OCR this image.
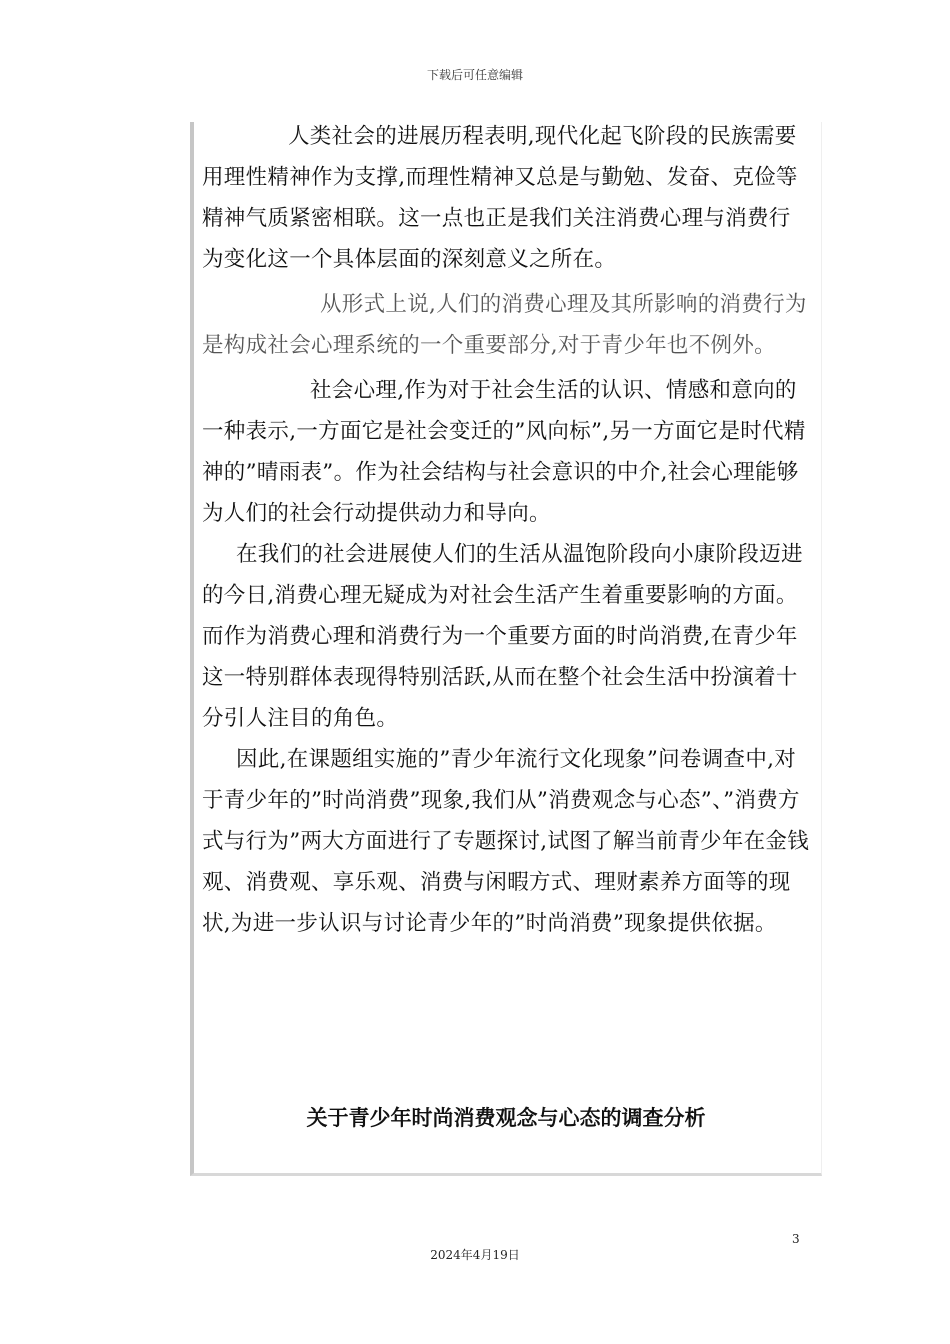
下载后可任意编辑

人类社会的进展历程表明,现代化起飞阶段的民族需要用理性精神作为支撑,而理性精神又总是与勤勉、发奋、克俭等精神气质紧密相联。这一点也正是我们关注消费心理与消费行为变化这一个具体层面的深刻意义之所在。

从形式上说,人们的消费心理及其所影响的消费行为是构成社会心理系统的一个重要部分,对于青少年也不例外。

社会心理,作为对于社会生活的认识、情感和意向的一种表示,一方面它是社会变迁的”风向标”,另一方面它是时代精神的”晴雨表”。作为社会结构与社会意识的中介,社会心理能够为人们的社会行动提供动力和导向。

在我们的社会进展使人们的生活从温饱阶段向小康阶段迈进的今日,消费心理无疑成为对社会生活产生着重要影响的方面。而作为消费心理和消费行为一个重要方面的时尚消费,在青少年这一特别群体表现得特别活跃,从而在整个社会生活中扮演着十分引人注目的角色。

因此,在课题组实施的”青少年流行文化现象”问卷调查中,对于青少年的”时尚消费”现象,我们从”消费观念与心态”、”消费方式与行为”两大方面进行了专题探讨,试图了解当前青少年在金钱观、消费观、享乐观、消费与闲暇方式、理财素养方面等的现状,为进一步认识与讨论青少年的”时尚消费”现象提供依据。

关于青少年时尚消费观念与心态的调查分析
3
2024年4月19日
